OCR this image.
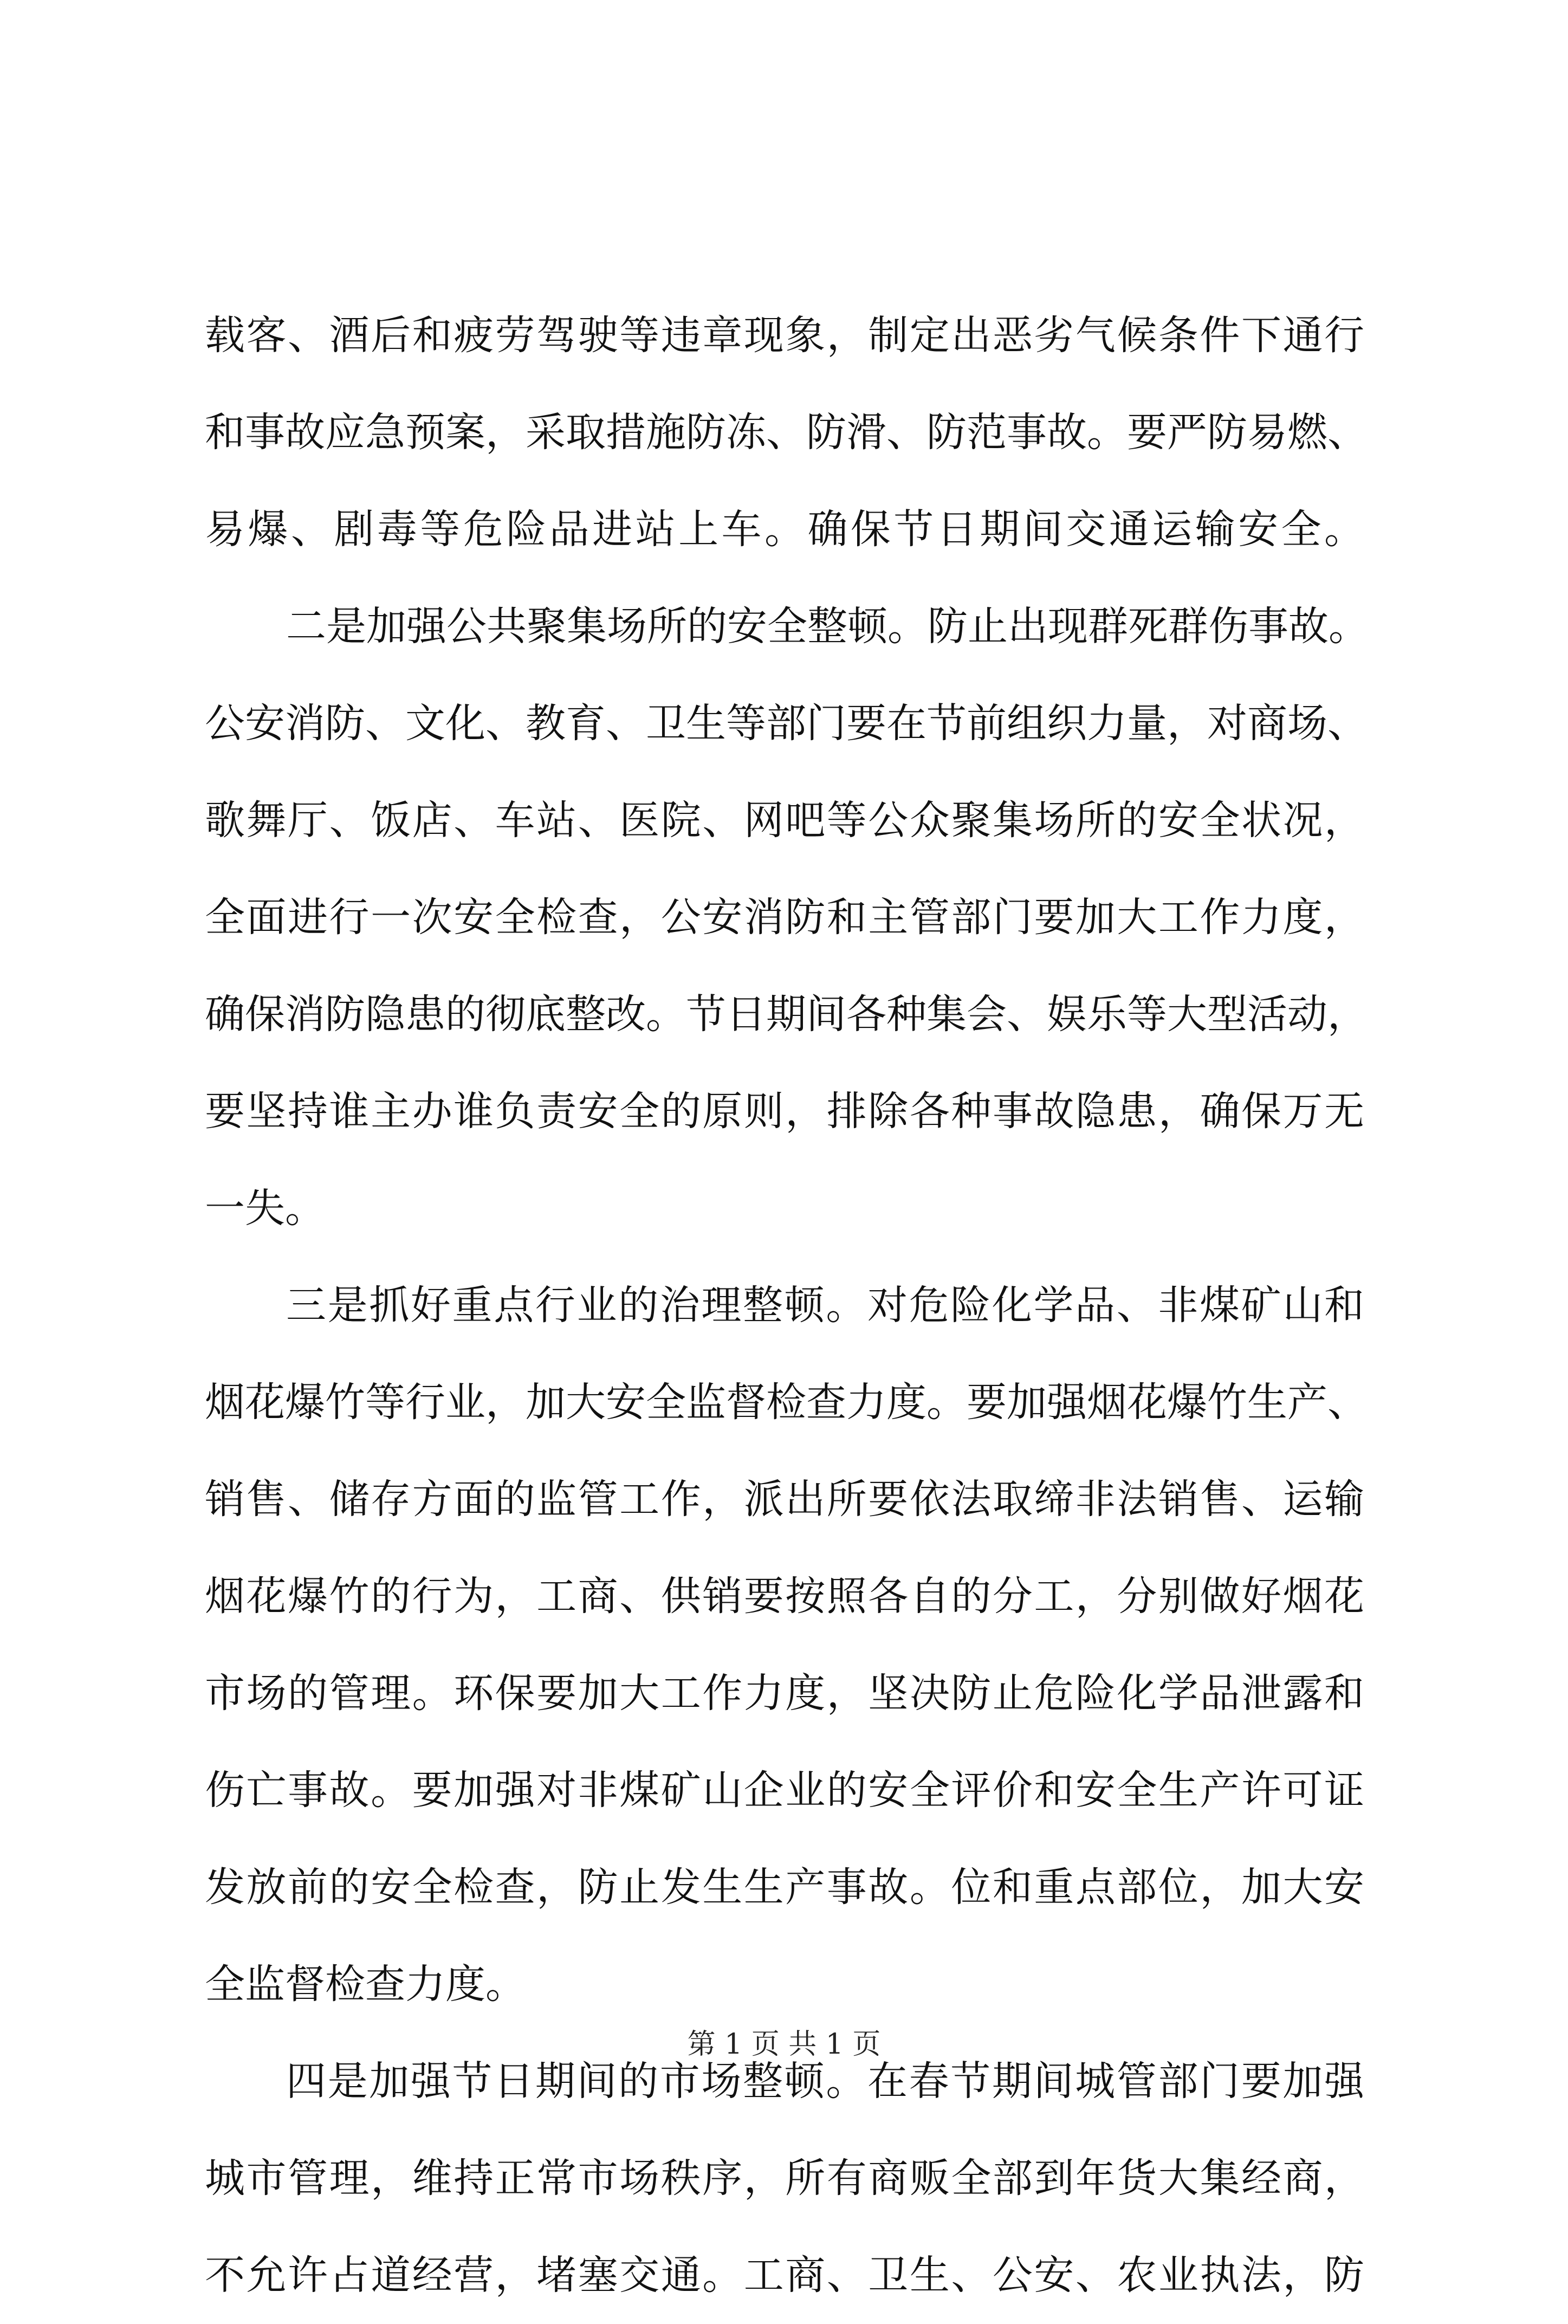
载客、酒后和疲劳驾驶等违章现象，制定出恶劣气候条件下通行
和事故应急预案，采取措施防冻、防滑、防范事故。要严防易燃、
易爆、剧毒等危险品进站上车。确保节日期间交通运输安全。
二是加强公共聚集场所的安全整顿。防止出现群死群伤事故。
公安消防、文化、教育、卫生等部门要在节前组织力量，对商场、
歌舞厅、饭店、车站、医院、网吧等公众聚集场所的安全状况，
全面进行一次安全检查，公安消防和主管部门要加大工作力度，
确保消防隐患的彻底整改。节日期间各种集会、娱乐等大型活动，
要坚持谁主办谁负责安全的原则，排除各种事故隐患，确保万无
一失。
三是抓好重点行业的治理整顿。对危险化学品、非煤矿山和
烟花爆竹等行业，加大安全监督检查力度。要加强烟花爆竹生产、
销售、储存方面的监管工作，派出所要依法取缔非法销售、运输
烟花爆竹的行为，工商、供销要按照各自的分工，分别做好烟花
市场的管理。环保要加大工作力度，坚决防止危险化学品泄露和
伤亡事故。要加强对非煤矿山企业的安全评价和安全生产许可证
发放前的安全检查，防止发生生产事故。位和重点部位，加大安
全监督检查力度。
四是加强节日期间的市场整顿。在春节期间城管部门要加强
城市管理，维持正常市场秩序，所有商贩全部到年货大集经商，
不允许占道经营，堵塞交通。工商、卫生、公安、农业执法，防
第 1 页 共 1 页
